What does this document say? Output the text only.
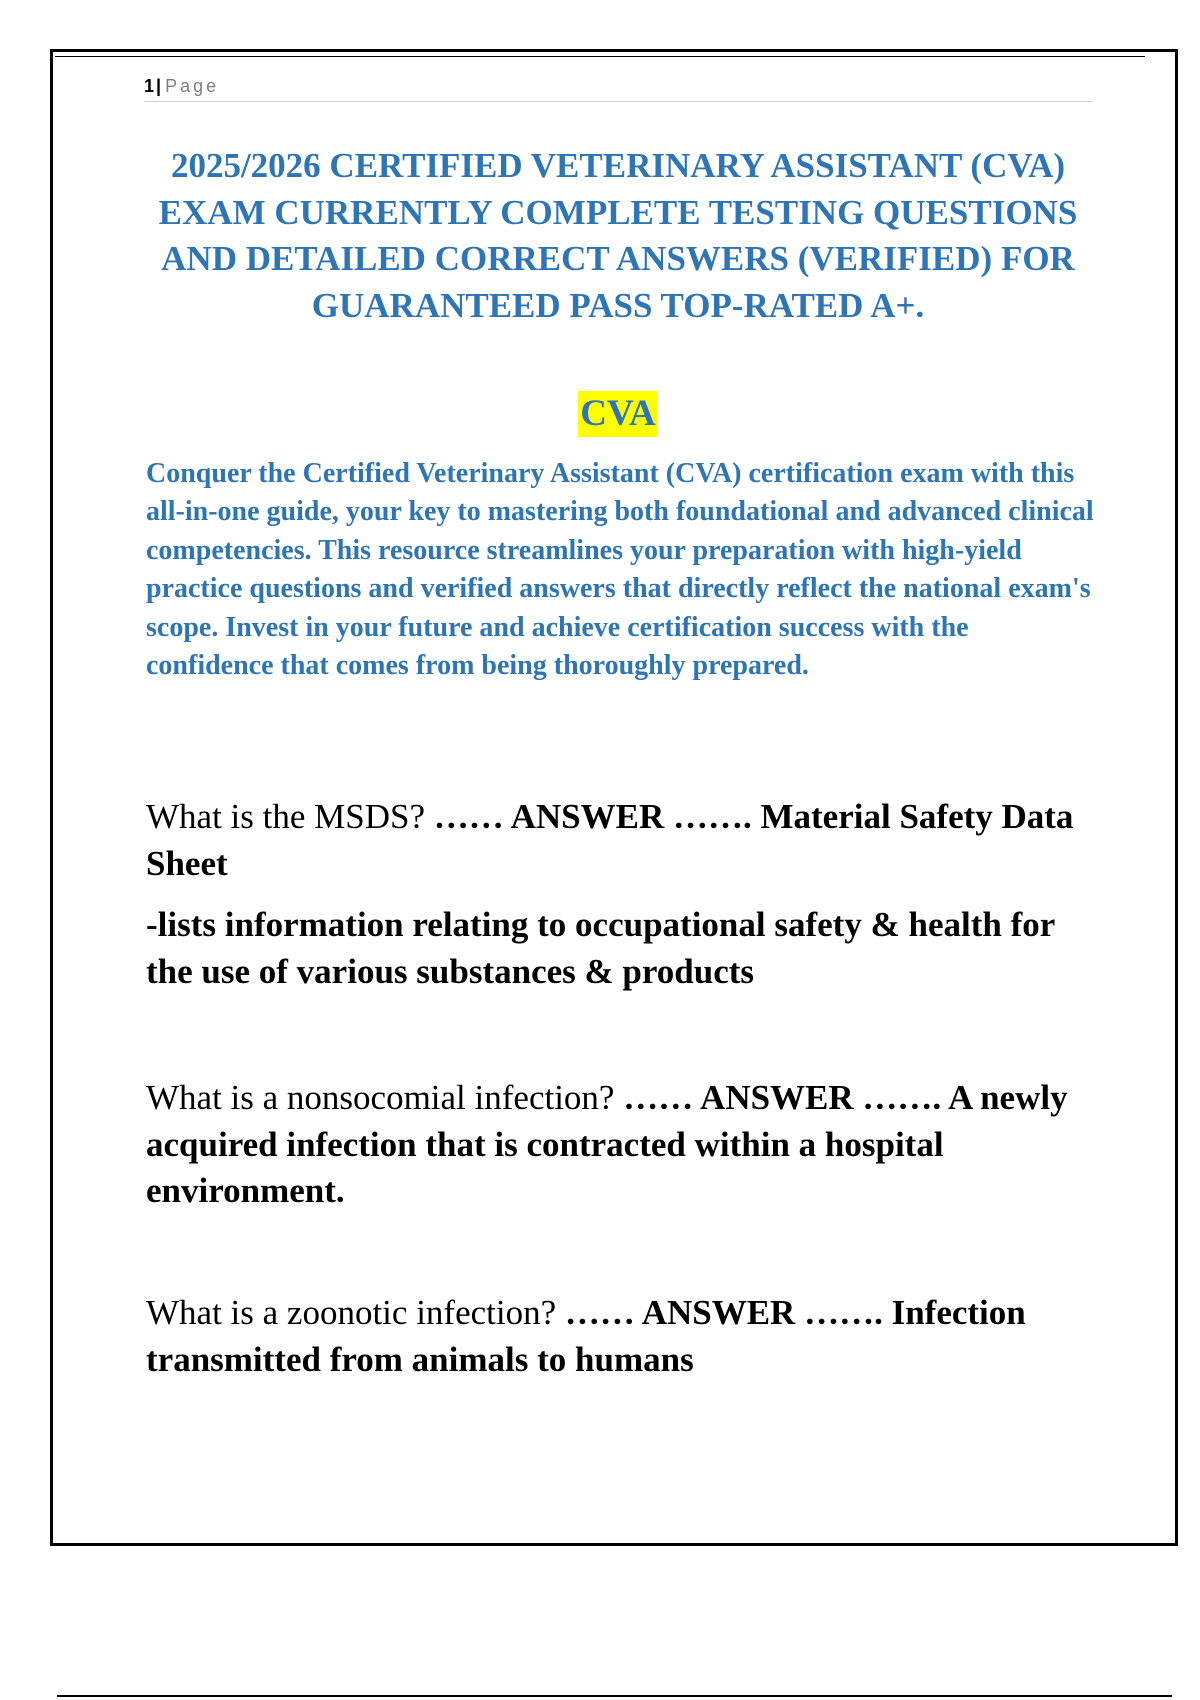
1 | Page
2025/2026 CERTIFIED VETERINARY ASSISTANT (CVA) EXAM CURRENTLY COMPLETE TESTING QUESTIONS AND DETAILED CORRECT ANSWERS (VERIFIED) FOR GUARANTEED PASS TOP-RATED A+.
CVA

Conquer the Certified Veterinary Assistant (CVA) certification exam with this all-in-one guide, your key to mastering both foundational and advanced clinical competencies. This resource streamlines your preparation with high-yield practice questions and verified answers that directly reflect the national exam's scope. Invest in your future and achieve certification success with the confidence that comes from being thoroughly prepared.

What is the MSDS? …… ANSWER ……. Material Safety Data Sheet

-lists information relating to occupational safety & health for the use of various substances & products

What is a nonsocomial infection? …… ANSWER ……. A newly acquired infection that is contracted within a hospital environment.

What is a zoonotic infection? …… ANSWER ……. Infection transmitted from animals to humans
